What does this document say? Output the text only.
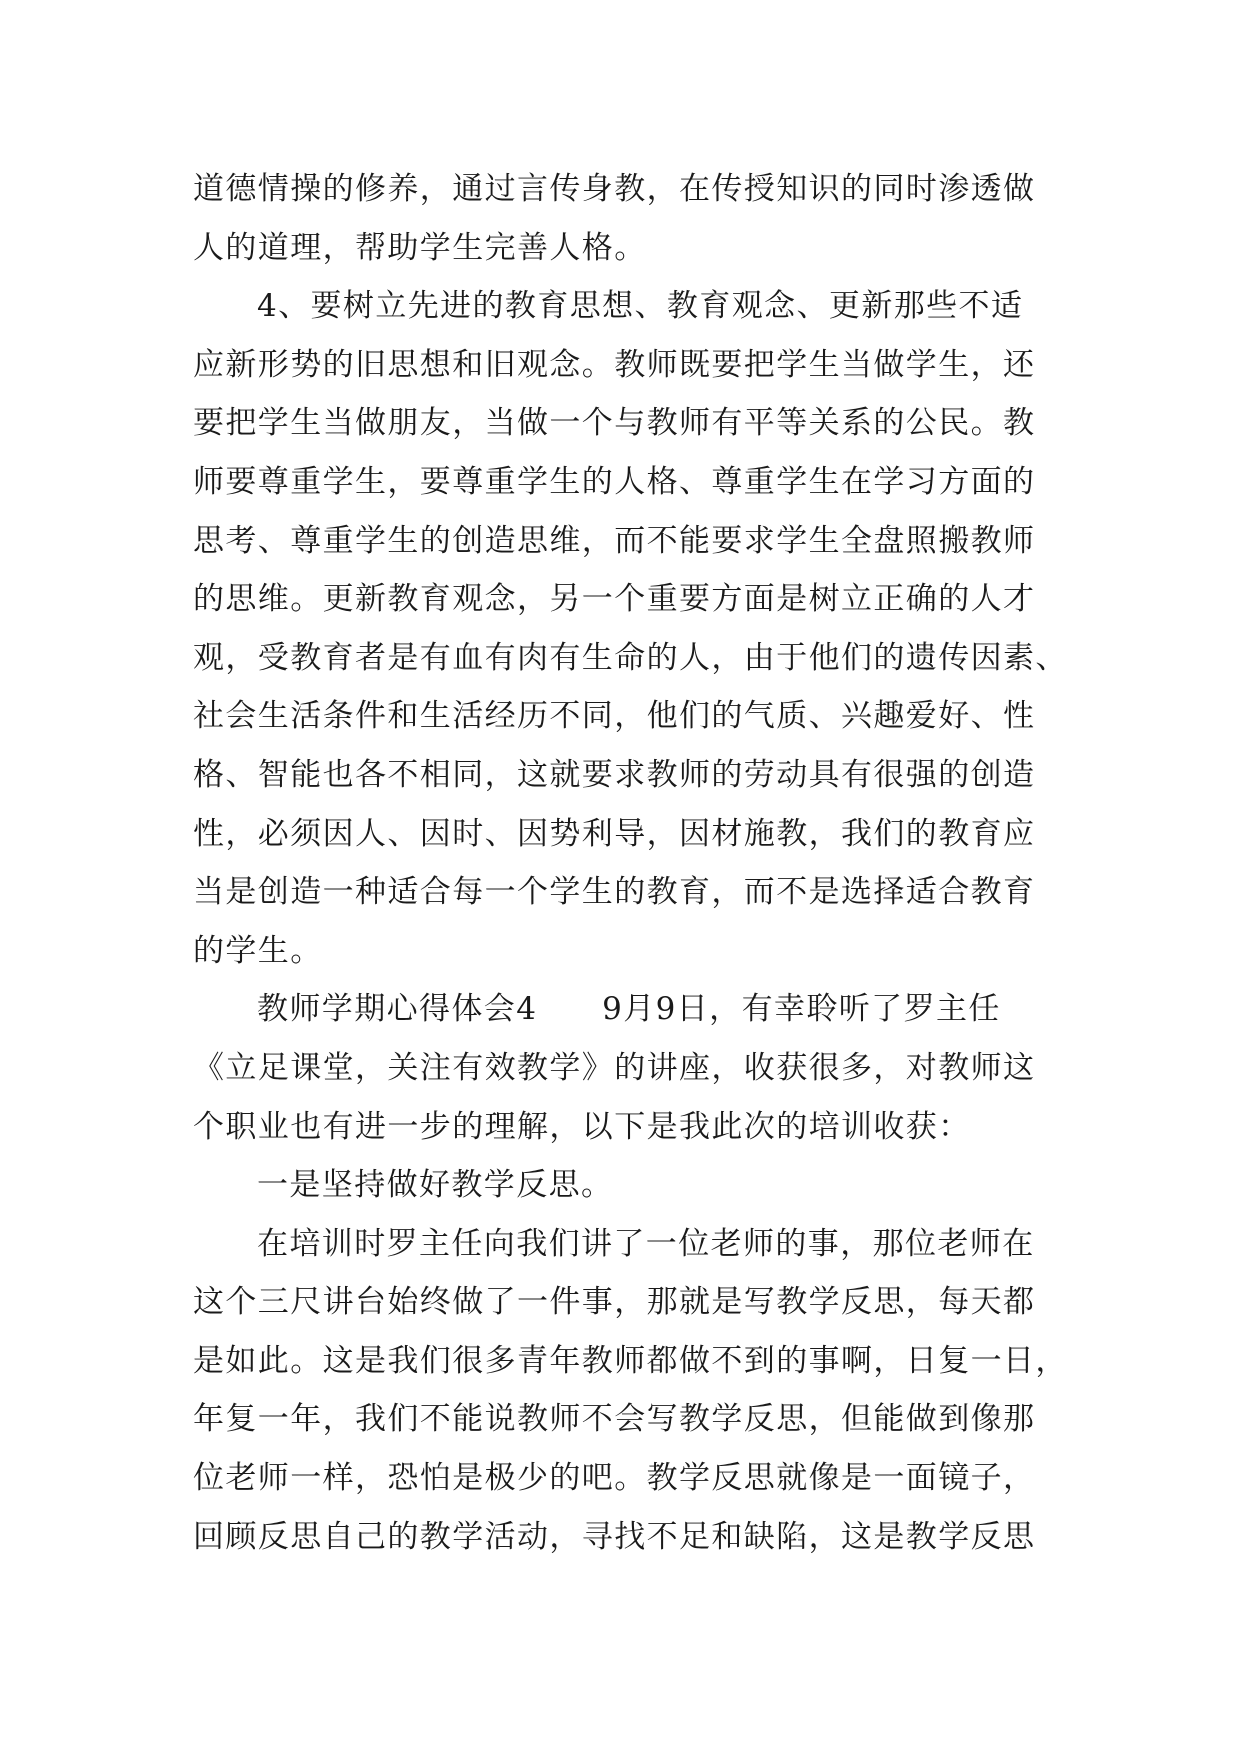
道德情操的修养，通过言传身教，在传授知识的同时渗透做
人的道理，帮助学生完善人格。
4、要树立先进的教育思想、教育观念、更新那些不适
应新形势的旧思想和旧观念。教师既要把学生当做学生，还
要把学生当做朋友，当做一个与教师有平等关系的公民。教
师要尊重学生，要尊重学生的人格、尊重学生在学习方面的
思考、尊重学生的创造思维，而不能要求学生全盘照搬教师
的思维。更新教育观念，另一个重要方面是树立正确的人才
观，受教育者是有血有肉有生命的人，由于他们的遗传因素、
社会生活条件和生活经历不同，他们的气质、兴趣爱好、性
格、智能也各不相同，这就要求教师的劳动具有很强的创造
性，必须因人、因时、因势利导，因材施教，我们的教育应
当是创造一种适合每一个学生的教育，而不是选择适合教育
的学生。
教师学期心得体会4　　9月9日，有幸聆听了罗主任
《立足课堂，关注有效教学》的讲座，收获很多，对教师这
个职业也有进一步的理解，以下是我此次的培训收获：
一是坚持做好教学反思。
在培训时罗主任向我们讲了一位老师的事，那位老师在
这个三尺讲台始终做了一件事，那就是写教学反思，每天都
是如此。这是我们很多青年教师都做不到的事啊，日复一日，
年复一年，我们不能说教师不会写教学反思，但能做到像那
位老师一样，恐怕是极少的吧。教学反思就像是一面镜子，
回顾反思自己的教学活动，寻找不足和缺陷，这是教学反思
